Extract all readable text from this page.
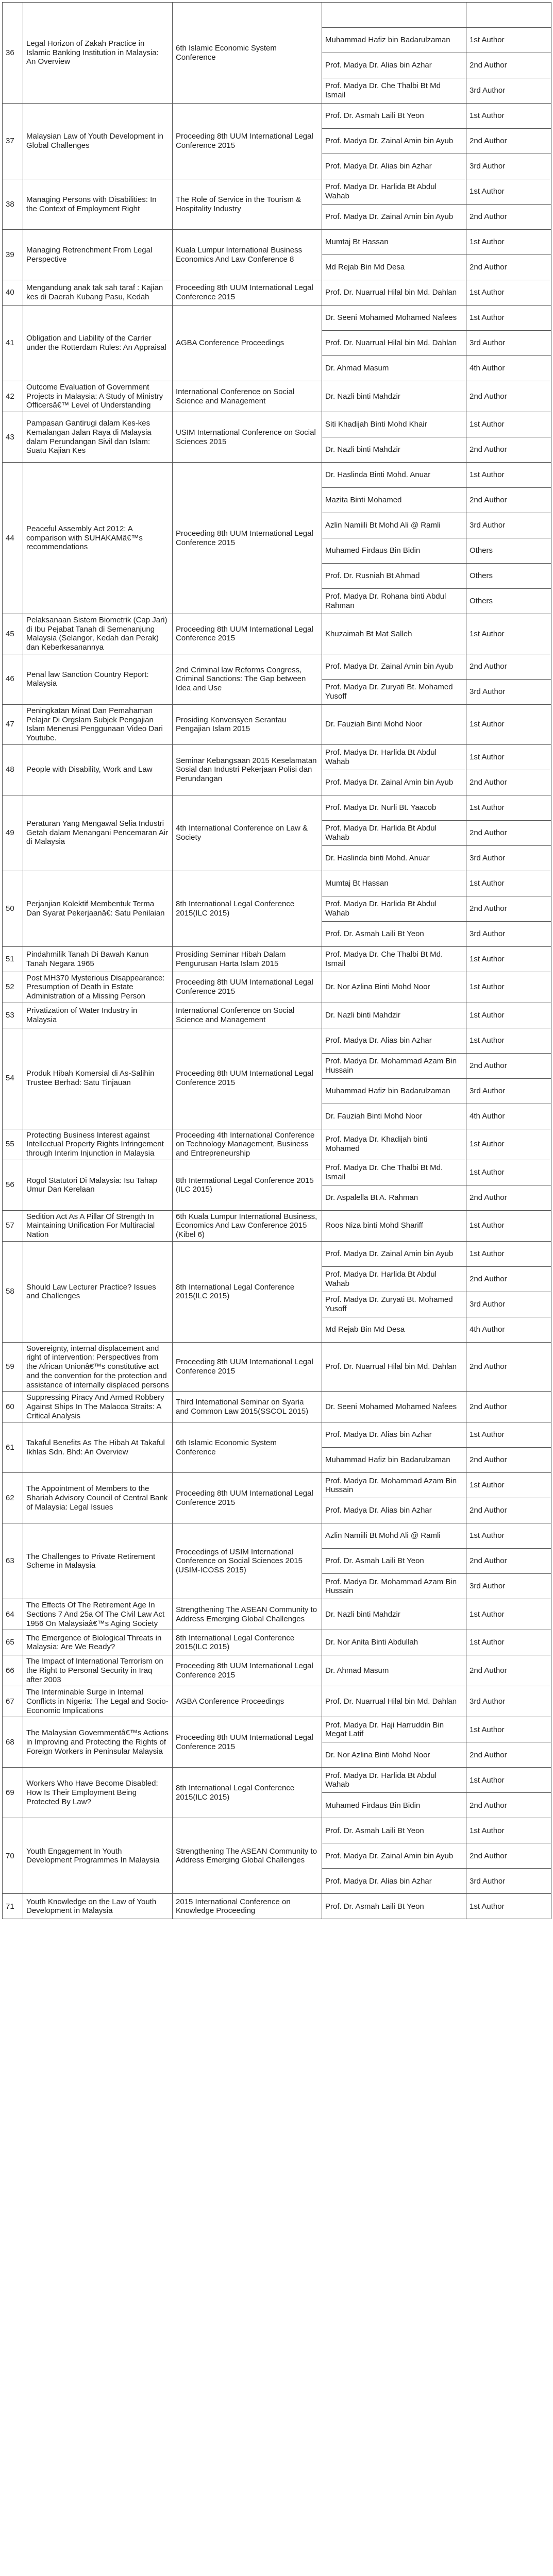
36	Legal Horizon of Zakah Practice in Islamic Banking Institution in Malaysia: An Overview	6th Islamic Economic System Conference		
			Muhammad Hafiz bin Badarulzaman	1st Author
			Prof. Madya Dr. Alias bin Azhar	2nd Author
			Prof. Madya Dr. Che Thalbi Bt Md Ismail	3rd Author
37	Malaysian Law of Youth Development in Global Challenges	Proceeding 8th UUM International Legal Conference 2015	Prof. Dr. Asmah Laili Bt Yeon	1st Author
			Prof. Madya Dr. Zainal Amin bin Ayub	2nd Author
			Prof. Madya Dr. Alias bin Azhar	3rd Author
38	Managing Persons with Disabilities: In the Context of Employment Right	The Role of Service in the Tourism & Hospitality Industry	Prof. Madya Dr. Harlida Bt Abdul Wahab	1st Author
			Prof. Madya Dr. Zainal Amin bin Ayub	2nd Author
39	Managing Retrenchment From Legal Perspective	Kuala Lumpur International Business Economics And Law Conference 8	Mumtaj Bt Hassan	1st Author
			Md Rejab Bin Md Desa	2nd Author
40	Mengandung anak tak sah taraf : Kajian kes di Daerah Kubang Pasu, Kedah	Proceeding 8th UUM International Legal Conference 2015	Prof. Dr. Nuarrual Hilal bin Md. Dahlan	1st Author
41	Obligation and Liability of the Carrier under the Rotterdam Rules: An Appraisal	AGBA Conference Proceedings	Dr. Seeni Mohamed Mohamed Nafees	1st Author
			Prof. Dr. Nuarrual Hilal bin Md. Dahlan	3rd Author
			Dr. Ahmad Masum	4th Author
42	Outcome Evaluation of Government Projects in Malaysia: A Study of Ministry Officersâ€™ Level of Understanding	International Conference on Social Science and Management	Dr. Nazli binti Mahdzir	2nd Author
43	Pampasan Gantirugi dalam Kes-kes Kemalangan Jalan Raya di Malaysia dalam Perundangan Sivil dan Islam: Suatu Kajian Kes	USIM International Conference on Social Sciences 2015	Siti Khadijah Binti Mohd Khair	1st Author
			Dr. Nazli binti Mahdzir	2nd Author
44	Peaceful Assembly Act 2012: A comparison with SUHAKAMâ€™s recommendations	Proceeding 8th UUM International Legal Conference 2015	Dr. Haslinda Binti Mohd. Anuar	1st Author
			Mazita Binti Mohamed	2nd Author
			Azlin Namiili Bt Mohd Ali @ Ramli	3rd Author
			Muhamed Firdaus Bin Bidin	Others
			Prof. Dr. Rusniah Bt Ahmad	Others
			Prof. Madya Dr. Rohana binti Abdul Rahman	Others
45	Pelaksanaan Sistem Biometrik (Cap Jari) di Ibu Pejabat Tanah di Semenanjung Malaysia (Selangor, Kedah dan Perak) dan Keberkesanannya	Proceeding 8th UUM International Legal Conference 2015	Khuzaimah Bt Mat Salleh	1st Author
46	Penal law Sanction Country Report: Malaysia	2nd Criminal law Reforms Congress, Criminal Sanctions: The Gap between Idea and Use	Prof. Madya Dr. Zainal Amin bin Ayub	2nd Author
			Prof. Madya Dr. Zuryati Bt. Mohamed Yusoff	3rd Author
47	Peningkatan Minat Dan Pemahaman Pelajar Di Orgslam Subjek Pengajian Islam Menerusi Penggunaan Video Dari Youtube.	Prosiding Konvensyen Serantau Pengajian Islam 2015	Dr. Fauziah Binti Mohd Noor	1st Author
48	People with Disability, Work and Law	Seminar Kebangsaan 2015 Keselamatan Sosial dan Industri Pekerjaan Polisi dan Perundangan	Prof. Madya Dr. Harlida Bt Abdul Wahab	1st Author
			Prof. Madya Dr. Zainal Amin bin Ayub	2nd Author
49	Peraturan Yang Mengawal Selia Industri Getah dalam Menangani Pencemaran Air di Malaysia	4th International Conference on Law & Society	Prof. Madya Dr. Nurli Bt. Yaacob	1st Author
			Prof. Madya Dr. Harlida Bt Abdul Wahab	2nd Author
			Dr. Haslinda binti Mohd. Anuar	3rd Author
50	Perjanjian Kolektif Membentuk Terma Dan Syarat Pekerjaanâ€: Satu Penilaian	8th International Legal Conference 2015(ILC 2015)	Mumtaj Bt Hassan	1st Author
			Prof. Madya Dr. Harlida Bt Abdul Wahab	2nd Author
			Prof. Dr. Asmah Laili Bt Yeon	3rd Author
51	Pindahmilik Tanah Di Bawah Kanun Tanah Negara 1965	Prosiding Seminar Hibah Dalam Pengurusan Harta Islam 2015	Prof. Madya Dr. Che Thalbi Bt Md. Ismail	1st Author
52	Post MH370 Mysterious Disappearance: Presumption of Death in Estate Administration of a Missing Person	Proceeding 8th UUM International Legal Conference 2015	Dr. Nor Azlina Binti Mohd Noor	1st Author
53	Privatization of Water Industry in Malaysia	International Conference on Social Science and Management	Dr. Nazli binti Mahdzir	1st Author
54	Produk Hibah Komersial di As-Salihin Trustee Berhad: Satu Tinjauan	Proceeding 8th UUM International Legal Conference 2015	Prof. Madya Dr. Alias bin Azhar	1st Author
			Prof. Madya Dr. Mohammad Azam Bin Hussain	2nd Author
			Muhammad Hafiz bin Badarulzaman	3rd Author
			Dr. Fauziah Binti Mohd Noor	4th Author
55	Protecting Business Interest against Intellectual Property Rights Infringement through Interim Injunction in Malaysia	Proceeding 4th International Conference on Technology Management, Business and Entrepreneurship	Prof. Madya Dr. Khadijah binti Mohamed	1st Author
56	Rogol Statutori Di Malaysia: Isu Tahap Umur Dan Kerelaan	8th International Legal Conference 2015 (ILC 2015)	Prof. Madya Dr. Che Thalbi Bt Md. Ismail	1st Author
			Dr. Aspalella Bt A. Rahman	2nd Author
57	Sedition Act As A Pillar Of Strength In Maintaining Unification For Multiracial Nation	6th Kuala Lumpur International Business, Economics And Law Conference 2015 (Kibel 6)	Roos Niza binti Mohd Shariff	1st Author
58	Should Law Lecturer Practice? Issues and Challenges	8th International Legal Conference 2015(ILC 2015)	Prof. Madya Dr. Zainal Amin bin Ayub	1st Author
			Prof. Madya Dr. Harlida Bt Abdul Wahab	2nd Author
			Prof. Madya Dr. Zuryati Bt. Mohamed Yusoff	3rd Author
			Md Rejab Bin Md Desa	4th Author
59	Sovereignty, internal displacement and right of intervention: Perspectives from the African Unionâ€™s constitutive act and the convention for the protection and assistance of internally displaced persons	Proceeding 8th UUM International Legal Conference 2015	Prof. Dr. Nuarrual Hilal bin Md. Dahlan	2nd Author
60	Suppressing Piracy And Armed Robbery Against Ships In The Malacca Straits: A Critical Analysis	Third International Seminar on Syaria and Common Law 2015(SSCOL 2015)	Dr. Seeni Mohamed Mohamed Nafees	2nd Author
61	Takaful Benefits As The Hibah At Takaful Ikhlas Sdn. Bhd: An Overview	6th Islamic Economic System Conference	Prof. Madya Dr. Alias bin Azhar	1st Author
			Muhammad Hafiz bin Badarulzaman	2nd Author
62	The Appointment of Members to the Shariah Advisory Council of Central Bank of Malaysia: Legal Issues	Proceeding 8th UUM International Legal Conference 2015	Prof. Madya Dr. Mohammad Azam Bin Hussain	1st Author
			Prof. Madya Dr. Alias bin Azhar	2nd Author
63	The Challenges to Private Retirement Scheme in Malaysia	Proceedings of USIM International Conference on Social Sciences 2015 (USIM-ICOSS 2015)	Azlin Namiili Bt Mohd Ali @ Ramli	1st Author
			Prof. Dr. Asmah Laili Bt Yeon	2nd Author
			Prof. Madya Dr. Mohammad Azam Bin Hussain	3rd Author
64	The Effects Of The Retirement Age In Sections 7 And 25a Of The Civil Law Act 1956 On Malaysiaâ€™s Aging Society	Strengthening The ASEAN Community to Address Emerging Global Challenges	Dr. Nazli binti Mahdzir	1st Author
65	The Emergence of Biological Threats in Malaysia: Are We Ready?	8th International Legal Conference 2015(ILC 2015)	Dr. Nor Anita Binti Abdullah	1st Author
66	The Impact of International Terrorism on the Right to Personal Security in Iraq after 2003	Proceeding 8th UUM International Legal Conference 2015	Dr. Ahmad Masum	2nd Author
67	The Interminable Surge in Internal Conflicts in Nigeria: The Legal and Socio-Economic Implications	AGBA Conference Proceedings	Prof. Dr. Nuarrual Hilal bin Md. Dahlan	3rd Author
68	The Malaysian Governmentâ€™s Actions in Improving and Protecting the Rights of Foreign Workers in Peninsular Malaysia	Proceeding 8th UUM International Legal Conference 2015	Prof. Madya Dr. Haji Harruddin Bin Megat Latif	1st Author
			Dr. Nor Azlina Binti Mohd Noor	2nd Author
69	Workers Who Have Become Disabled: How Is Their Employment Being Protected By Law?	8th International Legal Conference 2015(ILC 2015)	Prof. Madya Dr. Harlida Bt Abdul Wahab	1st Author
			Muhamed Firdaus Bin Bidin	2nd Author
70	Youth Engagement In Youth Development Programmes In Malaysia	Strengthening The ASEAN Community to Address Emerging Global Challenges	Prof. Dr. Asmah Laili Bt Yeon	1st Author
			Prof. Madya Dr. Zainal Amin bin Ayub	2nd Author
			Prof. Madya Dr. Alias bin Azhar	3rd Author
71	Youth Knowledge on the Law of Youth Development in Malaysia	2015 International Conference on Knowledge Proceeding	Prof. Dr. Asmah Laili Bt Yeon	1st Author
